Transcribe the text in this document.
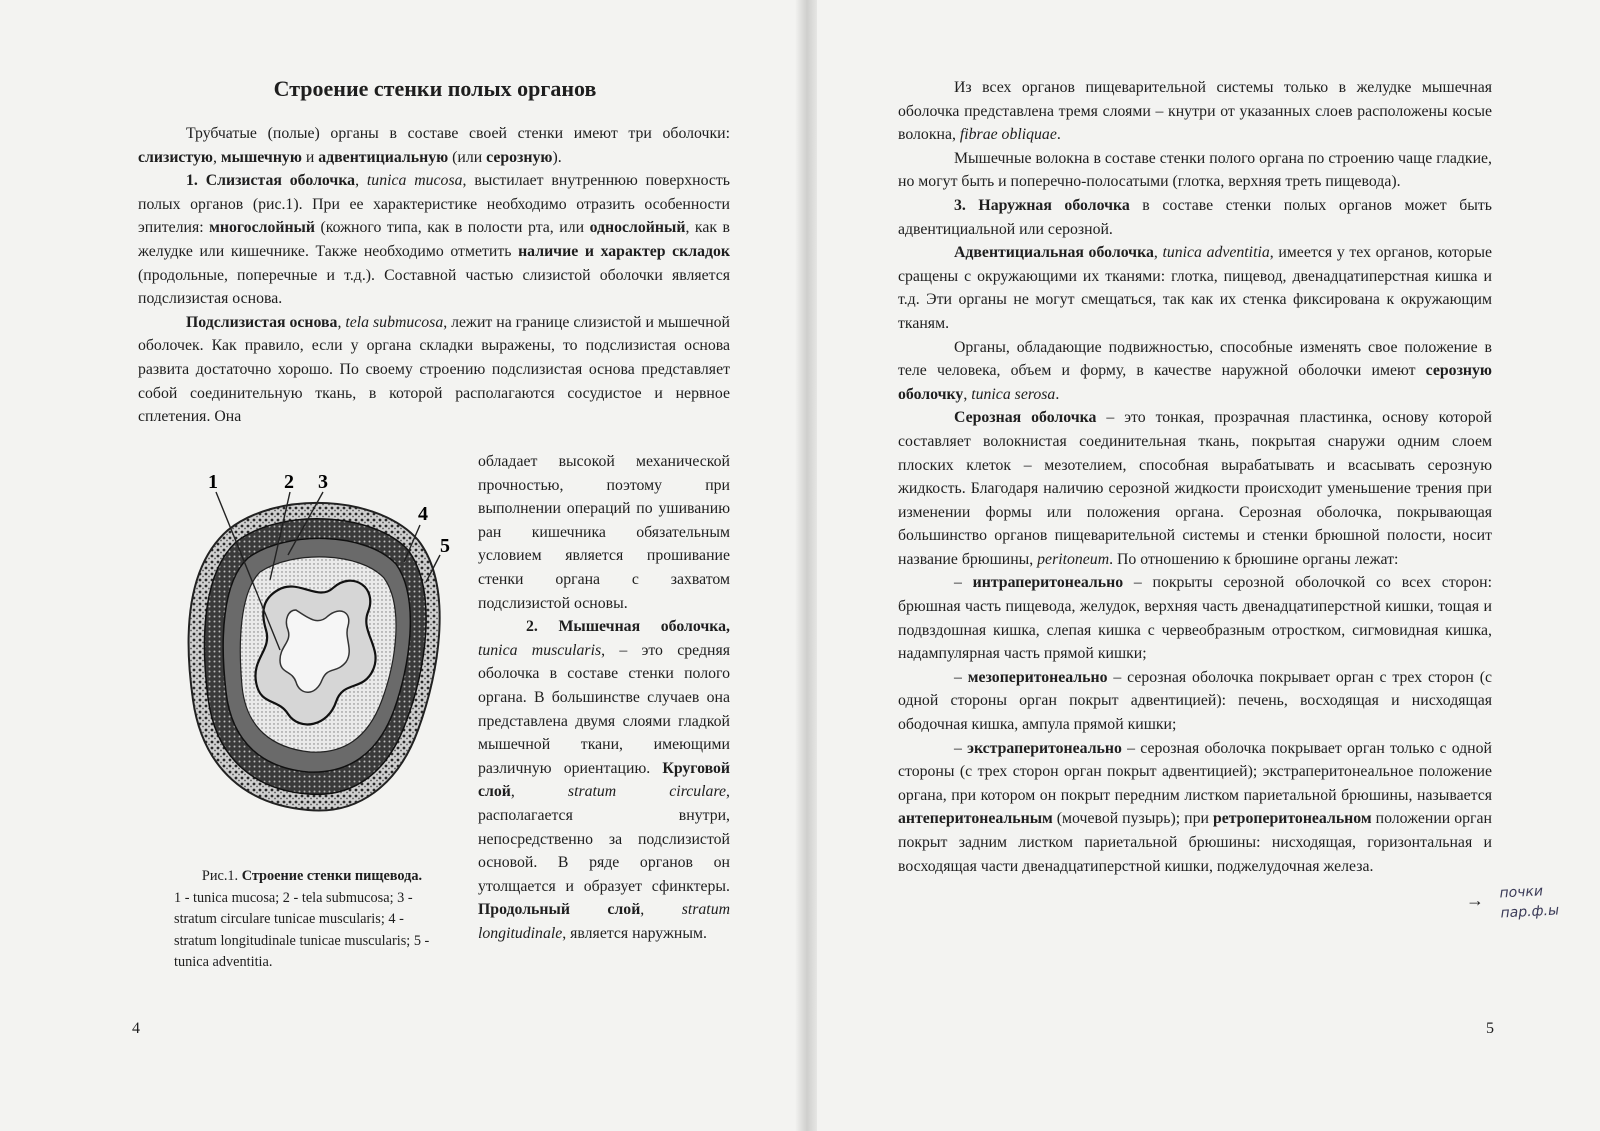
Строение стенки полых органов

Трубчатые (полые) органы в составе своей стенки имеют три оболочки: слизистую, мышечную и адвентициальную (или серозную).

1. Слизистая оболочка, tunica mucosa, выстилает внутреннюю поверхность полых органов (рис.1). При ее характеристике необходимо отразить особенности эпителия: многослойный (кожного типа, как в полости рта, или однослойный, как в желудке или кишечнике. Также необходимо отметить наличие и характер складок (продольные, поперечные и т.д.). Составной частью слизистой оболочки является подслизистая основа.

Подслизистая основа, tela submucosa, лежит на границе слизистой и мышечной оболочек. Как правило, если у органа складки выражены, то подслизистая основа развита достаточно хорошо. По своему строению подслизистая основа представляет собой соединительную ткань, в которой располагаются сосудистое и нервное сплетения. Она

1	2 3
4
5

обладает высокой механической прочностью, поэтому при выполнении операций по ушиванию ран кишечника обязательным условием является прошивание стенки органа с захватом подслизистой основы.

2. Мышечная оболочка, tunica muscularis, – это средняя оболочка в составе стенки полого органа. В большинстве случаев она представлена двумя слоями гладкой мышечной ткани, имеющими различную ориентацию. Круговой слой, stratum circulare, располагается внутри, непосредственно за подслизистой основой. В ряде органов он утолщается и образует сфинктеры. Продольный слой, stratum longitudinale, является наружным.

Рис.1. Строение стенки пищевода.
1 - tunica mucosa; 2 - tela submucosa; 3 - stratum circulare tunicae muscularis; 4 - stratum longitudinale tunicae muscularis; 5 - tunica adventitia.
4

Из всех органов пищеварительной системы только в желудке мышечная оболочка представлена тремя слоями – кнутри от указанных слоев расположены косые волокна, fibrae obliquae.

Мышечные волокна в составе стенки полого органа по строению чаще гладкие, но могут быть и поперечно-полосатыми (глотка, верхняя треть пищевода).

3. Наружная оболочка в составе стенки полых органов может быть адвентициальной или серозной.

Адвентициальная оболочка, tunica adventitia, имеется у тех органов, которые сращены с окружающими их тканями: глотка, пищевод, двенадцатиперстная кишка и т.д. Эти органы не могут смещаться, так как их стенка фиксирована к окружающим тканям.

Органы, обладающие подвижностью, способные изменять свое положение в теле человека, объем и форму, в качестве наружной оболочки имеют серозную оболочку, tunica serosa.

Серозная оболочка – это тонкая, прозрачная пластинка, основу которой составляет волокнистая соединительная ткань, покрытая снаружи одним слоем плоских клеток – мезотелием, способная вырабатывать и всасывать серозную жидкость. Благодаря наличию серозной жидкости происходит уменьшение трения при изменении формы или положения органа. Серозная оболочка, покрывающая большинство органов пищеварительной системы и стенки брюшной полости, носит название брюшины, peritoneum. По отношению к брюшине органы лежат:

– интраперитонеально – покрыты серозной оболочкой со всех сторон: брюшная часть пищевода, желудок, верхняя часть двенадцатиперстной кишки, тощая и подвздошная кишка, слепая кишка с червеобразным отростком, сигмовидная кишка, надампулярная часть прямой кишки;

– мезоперитонеально – серозная оболочка покрывает орган с трех сторон (с одной стороны орган покрыт адвентицией): печень, восходящая и нисходящая ободочная кишка, ампула прямой кишки;

– экстраперитонеально – серозная оболочка покрывает орган только с одной стороны (с трех сторон орган покрыт адвентицией); экстраперитонеальное положение органа, при котором он покрыт передним листком париетальной брюшины, называется антеперитонеальным (мочевой пузырь); при ретроперитонеальном положении орган покрыт задним листком париетальной брюшины: нисходящая, горизонтальная и восходящая части двенадцатиперстной кишки, поджелудочная железа.

→ почки
пар.ф.ы
5
